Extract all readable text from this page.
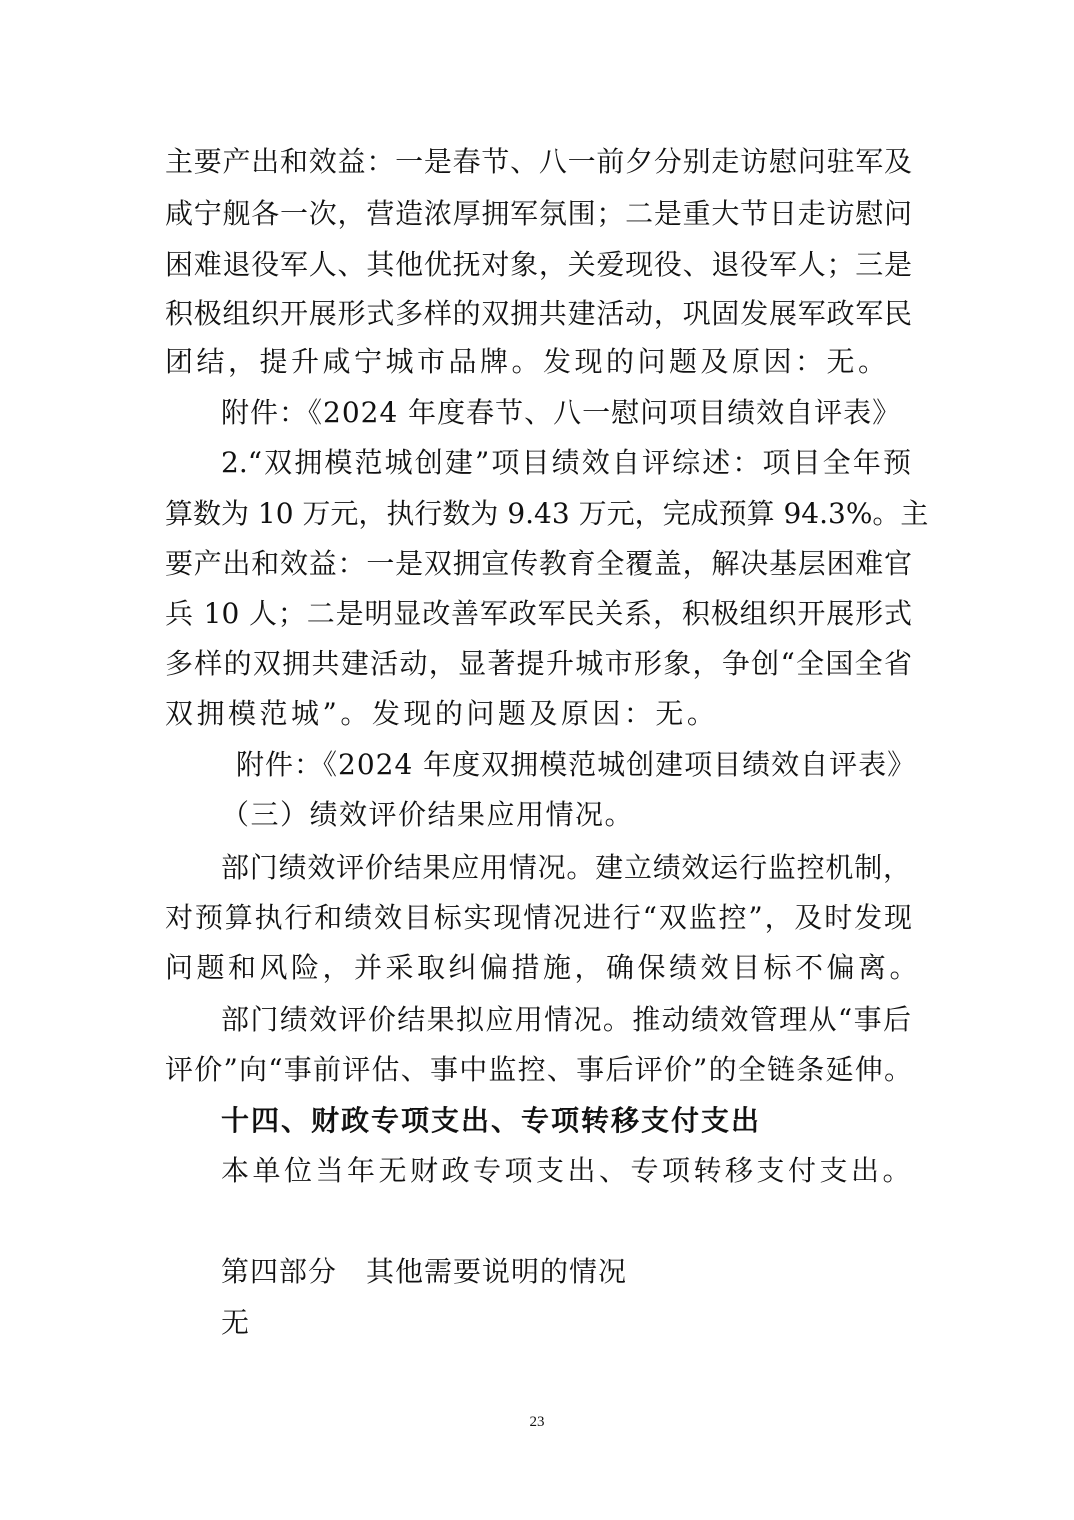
主要产出和效益：一是春节、八一前夕分别走访慰问驻军及
咸宁舰各一次，营造浓厚拥军氛围；二是重大节日走访慰问
困难退役军人、其他优抚对象，关爱现役、退役军人；三是
积极组织开展形式多样的双拥共建活动，巩固发展军政军民
团结，提升咸宁城市品牌。发现的问题及原因：无。
附件：《2024 年度春节、八一慰问项目绩效自评表》
2.“双拥模范城创建”项目绩效自评综述：项目全年预
算数为 10 万元，执行数为 9.43 万元，完成预算 94.3%。主
要产出和效益：一是双拥宣传教育全覆盖，解决基层困难官
兵 10 人；二是明显改善军政军民关系，积极组织开展形式
多样的双拥共建活动，显著提升城市形象，争创“全国全省
双拥模范城”。发现的问题及原因：无。
附件：《2024 年度双拥模范城创建项目绩效自评表》
（三）绩效评价结果应用情况。
部门绩效评价结果应用情况。建立绩效运行监控机制，
对预算执行和绩效目标实现情况进行“双监控”，及时发现
问题和风险，并采取纠偏措施，确保绩效目标不偏离。
部门绩效评价结果拟应用情况。推动绩效管理从“事后
评价”向“事前评估、事中监控、事后评价”的全链条延伸。
十四、财政专项支出、专项转移支付支出
本单位当年无财政专项支出、专项转移支付支出。
第四部分　其他需要说明的情况
无
23
